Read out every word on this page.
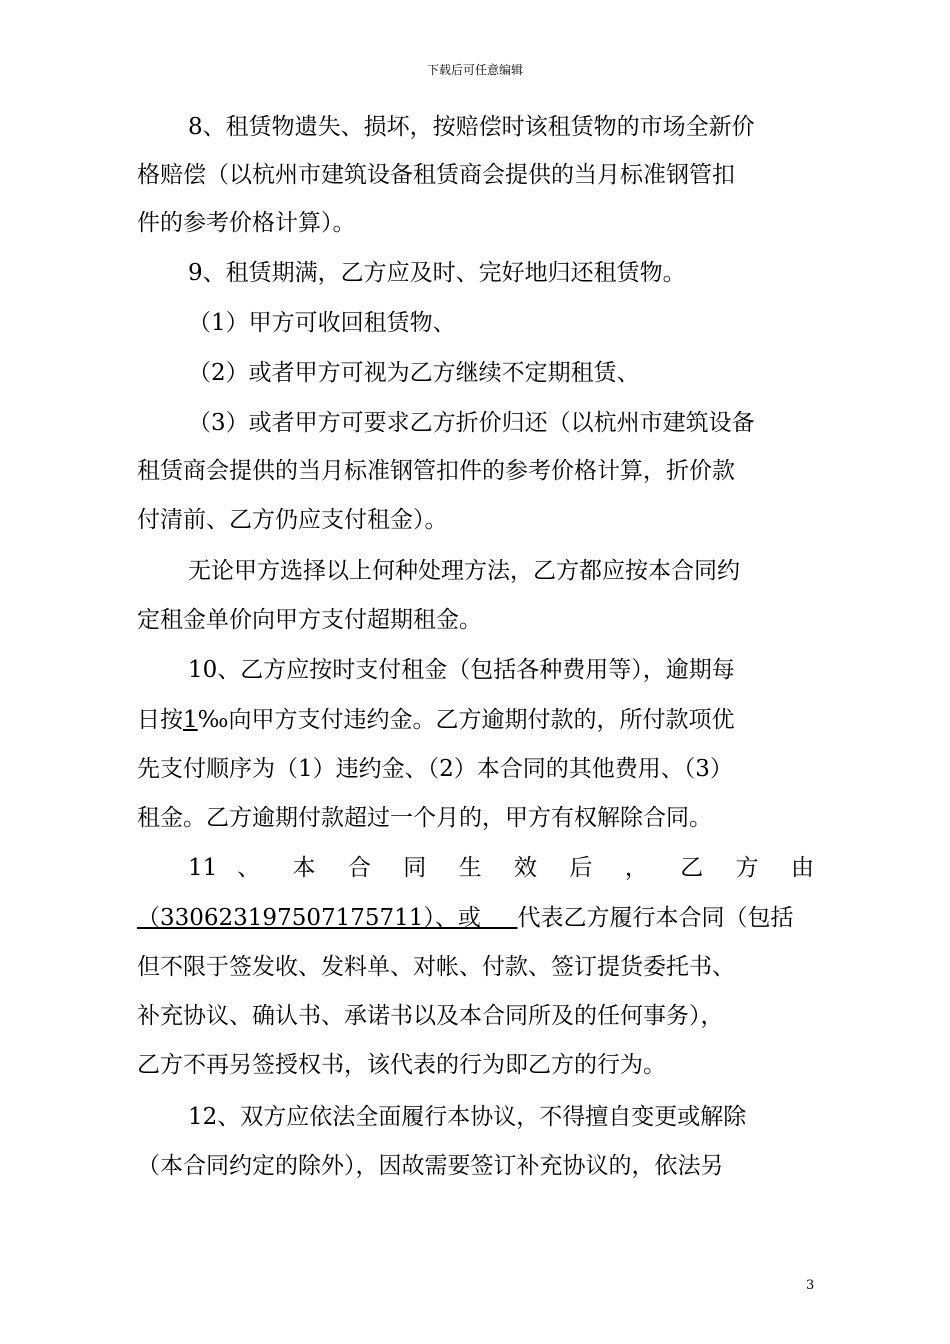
下载后可任意编辑
8、租赁物遗失、损坏，按赔偿时该租赁物的市场全新价
格赔偿（以杭州市建筑设备租赁商会提供的当月标准钢管扣
件的参考价格计算）。
9、租赁期满，乙方应及时、完好地归还租赁物。
（1）甲方可收回租赁物、
（2）或者甲方可视为乙方继续不定期租赁、
（3）或者甲方可要求乙方折价归还（以杭州市建筑设备
租赁商会提供的当月标准钢管扣件的参考价格计算，折价款
付清前、乙方仍应支付租金）。
无论甲方选择以上何种处理方法，乙方都应按本合同约
定租金单价向甲方支付超期租金。
10、乙方应按时支付租金（包括各种费用等），逾期每
日按1‰向甲方支付违约金。乙方逾期付款的，所付款项优
先支付顺序为（1）违约金、（2）本合同的其他费用、（3）
租金。乙方逾期付款超过一个月的，甲方有权解除合同。
11 、 本 合 同 生 效 后 ， 乙 方 由
（330623197507175711）、或     代表乙方履行本合同（包括
但不限于签发收、发料单、对帐、付款、签订提货委托书、
补充协议、确认书、承诺书以及本合同所及的任何事务），
乙方不再另签授权书，该代表的行为即乙方的行为。
12、双方应依法全面履行本协议，不得擅自变更或解除
（本合同约定的除外），因故需要签订补充协议的，依法另
3
